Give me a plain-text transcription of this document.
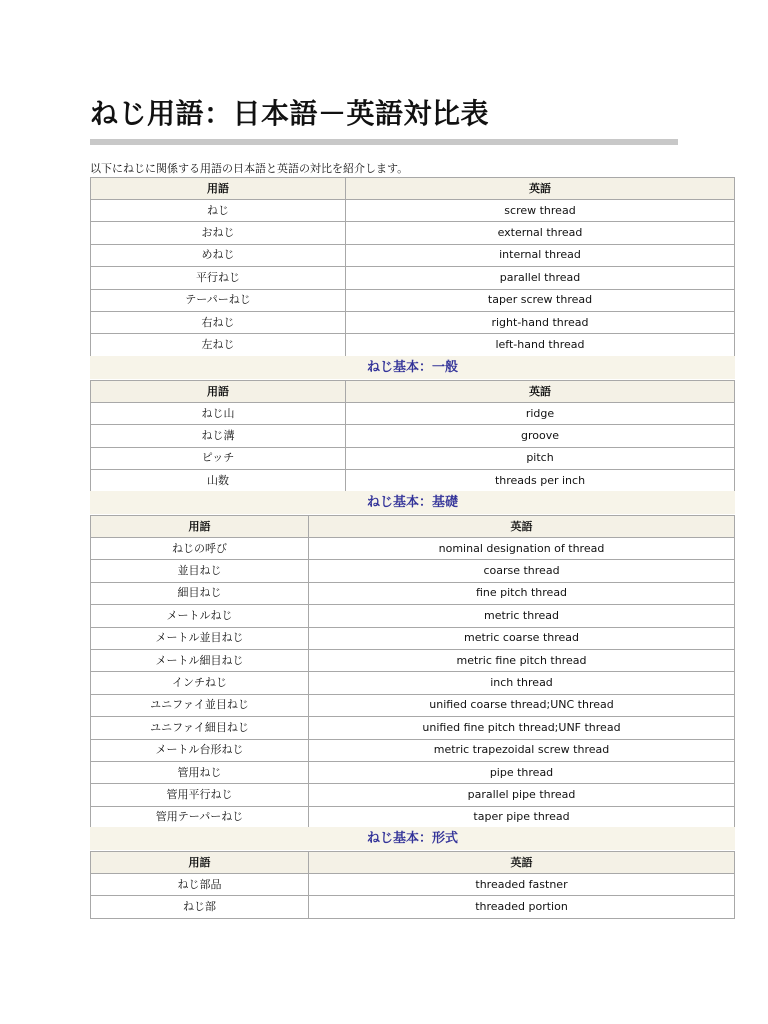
ねじ用語：日本語－英語対比表

以下にねじに関係する用語の日本語と英語の対比を紹介します。

用語	英語
ねじ	screw thread
おねじ	external thread
めねじ	internal thread
平行ねじ	parallel thread
テーパーねじ	taper screw thread
右ねじ	right-hand thread
左ねじ	left-hand thread
ねじ基本：一般
用語	英語
ねじ山	ridge
ねじ溝	groove
ピッチ	pitch
山数	threads per inch
ねじ基本：基礎
用語	英語
ねじの呼び	nominal designation of thread
並目ねじ	coarse thread
細目ねじ	fine pitch thread
メートルねじ	metric thread
メートル並目ねじ	metric coarse thread
メートル細目ねじ	metric fine pitch thread
インチねじ	inch thread
ユニファイ並目ねじ	unified coarse thread;UNC thread
ユニファイ細目ねじ	unified fine pitch thread;UNF thread
メートル台形ねじ	metric trapezoidal screw thread
管用ねじ	pipe thread
管用平行ねじ	parallel pipe thread
管用テーパーねじ	taper pipe thread
ねじ基本：形式
用語	英語
ねじ部品	threaded fastner
ねじ部	threaded portion
